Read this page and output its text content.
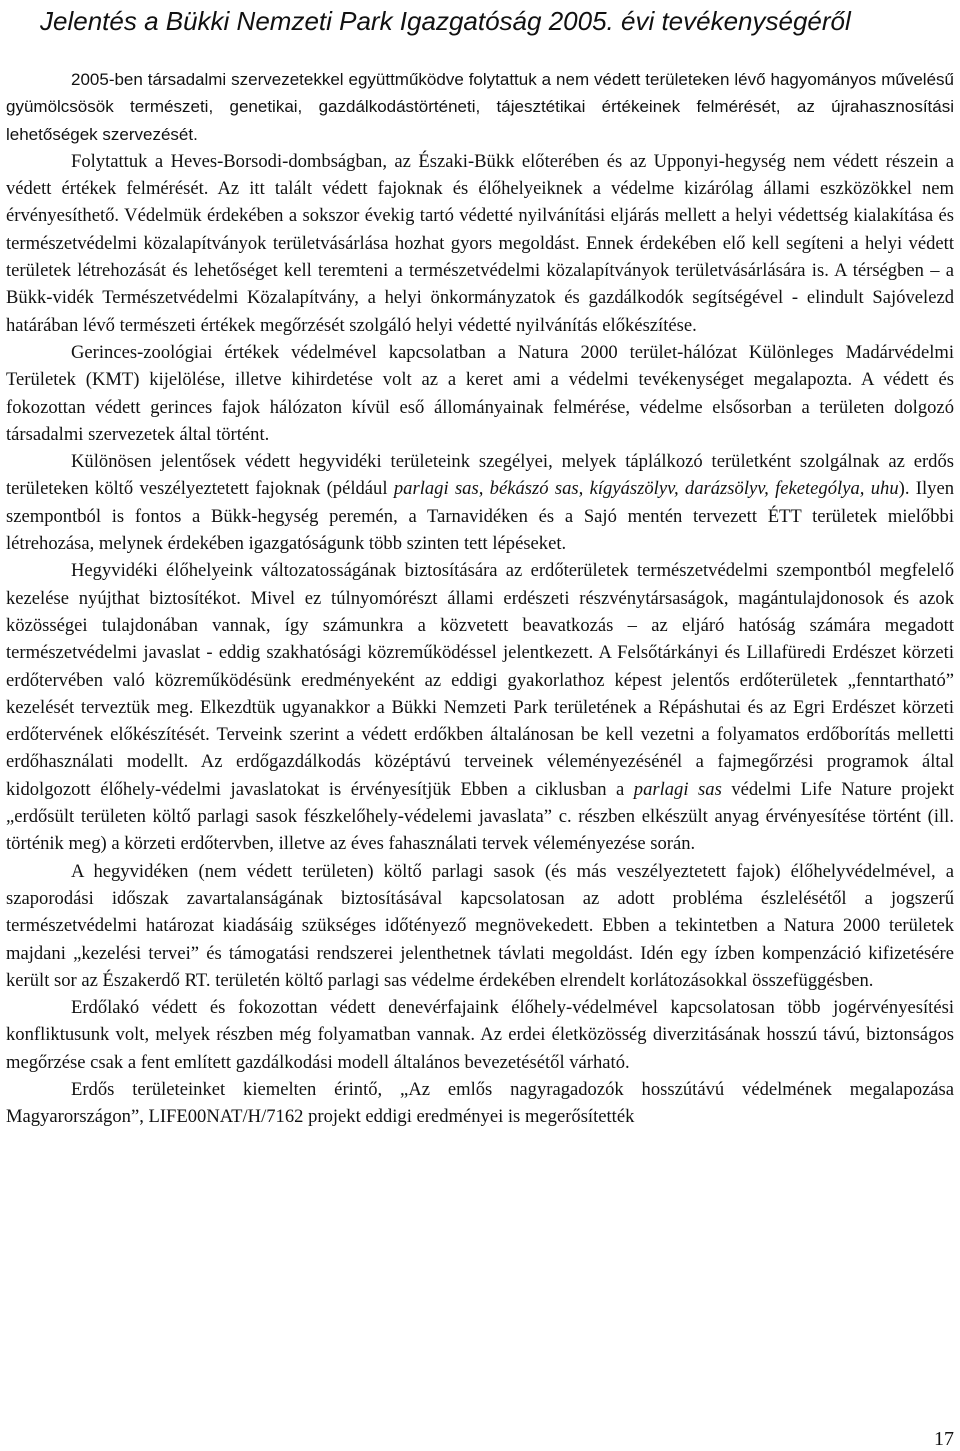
Jelentés a Bükki Nemzeti Park Igazgatóság 2005. évi tevékenységéről

2005-ben társadalmi szervezetekkel együttműködve folytattuk a nem védett területeken lévő hagyományos művelésű gyümölcsösök természeti, genetikai, gazdálkodástörténeti, tájesztétikai értékeinek felmérését, az újrahasznosítási lehetőségek szervezését.

Folytattuk a Heves-Borsodi-dombságban, az Északi-Bükk előterében és az Upponyi-hegység nem védett részein a védett értékek felmérését. Az itt talált védett fajoknak és élőhelyeiknek a védelme kizárólag állami eszközökkel nem érvényesíthető. Védelmük érdekében a sokszor évekig tartó védetté nyilvánítási eljárás mellett a helyi védettség kialakítása és természetvédelmi közalapítványok területvásárlása hozhat gyors megoldást. Ennek érdekében elő kell segíteni a helyi védett területek létrehozását és lehetőséget kell teremteni a természetvédelmi közalapítványok területvásárlására is. A térségben – a Bükk-vidék Természetvédelmi Közalapítvány, a helyi önkormányzatok és gazdálkodók segítségével - elindult Sajóvelezd határában lévő természeti értékek megőrzését szolgáló helyi védetté nyilvánítás előkészítése.

Gerinces-zoológiai értékek védelmével kapcsolatban a Natura 2000 terület-hálózat Különleges Madárvédelmi Területek (KMT) kijelölése, illetve kihirdetése volt az a keret ami a védelmi tevékenységet megalapozta. A védett és fokozottan védett gerinces fajok hálózaton kívül eső állományainak felmérése, védelme elsősorban a területen dolgozó társadalmi szervezetek által történt.

Különösen jelentősek védett hegyvidéki területeink szegélyei, melyek táplálkozó területként szolgálnak az erdős területeken költő veszélyeztetett fajoknak (például parlagi sas, békászó sas, kígyászölyv, darázsölyv, feketególya, uhu). Ilyen szempontból is fontos a Bükk-hegység peremén, a Tarnavidéken és a Sajó mentén tervezett ÉTT területek mielőbbi létrehozása, melynek érdekében igazgatóságunk több szinten tett lépéseket.

Hegyvidéki élőhelyeink változatosságának biztosítására az erdőterületek természetvédelmi szempontból megfelelő kezelése nyújthat biztosítékot. Mivel ez túlnyomórészt állami erdészeti részvénytársaságok, magántulajdonosok és azok közösségei tulajdonában vannak, így számunkra a közvetett beavatkozás – az eljáró hatóság számára megadott természetvédelmi javaslat - eddig szakhatósági közreműködéssel jelentkezett. A Felsőtárkányi és Lillafüredi Erdészet körzeti erdőtervében való közreműködésünk eredményeként az eddigi gyakorlathoz képest jelentős erdőterületek „fenntartható” kezelését terveztük meg. Elkezdtük ugyanakkor a Bükki Nemzeti Park területének a Répáshutai és az Egri Erdészet körzeti erdőtervének előkészítését. Terveink szerint a védett erdőkben általánosan be kell vezetni a folyamatos erdőborítás melletti erdőhasználati modellt. Az erdőgazdálkodás középtávú terveinek véleményezésénél a fajmegőrzési programok által kidolgozott élőhely-védelmi javaslatokat is érvényesítjük Ebben a ciklusban a parlagi sas védelmi Life Nature projekt „erdősült területen költő parlagi sasok fészkelőhely-védelemi javaslata” c. részben elkészült anyag érvényesítése történt (ill. történik meg) a körzeti erdőtervben, illetve az éves fahasználati tervek véleményezése során.

A hegyvidéken (nem védett területen) költő parlagi sasok (és más veszélyeztetett fajok) élőhelyvédelmével, a szaporodási időszak zavartalanságának biztosításával kapcsolatosan az adott probléma észlelésétől a jogszerű természetvédelmi határozat kiadásáig szükséges időtényező megnövekedett. Ebben a tekintetben a Natura 2000 területek majdani „kezelési tervei” és támogatási rendszerei jelenthetnek távlati megoldást. Idén egy ízben kompenzáció kifizetésére került sor az Északerdő RT. területén költő parlagi sas védelme érdekében elrendelt korlátozásokkal összefüggésben.

Erdőlakó védett és fokozottan védett denevérfajaink élőhely-védelmével kapcsolatosan több jogérvényesítési konfliktusunk volt, melyek részben még folyamatban vannak. Az erdei életközösség diverzitásának hosszú távú, biztonságos megőrzése csak a fent említett gazdálkodási modell általános bevezetésétől várható.

Erdős területeinket kiemelten érintő, „Az emlős nagyragadozók hosszútávú védelmének megalapozása Magyarországon”, LIFE00NAT/H/7162 projekt eddigi eredményei is megerősítették

17
